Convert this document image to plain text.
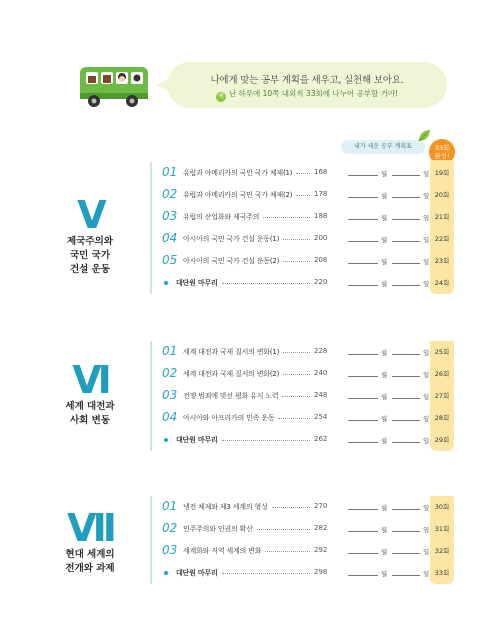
나에게 맞는 공부 계획을 세우고, 실천해 보아요.
예 난 하루에 10쪽 내외씩 33회에 나누어 공부할 거야!
내가 세운 공부 계획표	33회
완성!
V
제국주의와
국민 국가
건설 운동
VI
세계 대전과
사회 변동
VII
현대 세계의
전개와 과제
01 유럽과 아메리카의 국민 국가 체제(1)	168	월	일 19회
02 유럽과 아메리카의 국민 국가 체제(2)	178	월	일 20회
03 유럽의 산업화와 제국주의	188	월	일 21회
04 아시아의 국민 국가 건설 운동(1)	200	월	일 22회
05 아시아의 국민 국가 건설 운동(2)	208	월	일 23회
대단원 마무리	220	월	일 24회
01 세계 대전과 국제 질서의 변화(1)	228	월	일 25회
02 세계 대전과 국제 질서의 변화(2)	240	월	일 26회
03 전쟁 범죄에 맞선 평화 유지 노력	248	월	일 27회
04 아시아와 아프리카의 민족 운동	254	월	일 28회
대단원 마무리	262	월	일 29회
01 냉전 체제와 제3 세계의 형성	270	월	일 30회
02 민주주의와 인권의 확산	282	월	일 31회
03 세계화와 지역 세계의 변화	292	월	일 32회
대단원 마무리	298	월	일 33회
